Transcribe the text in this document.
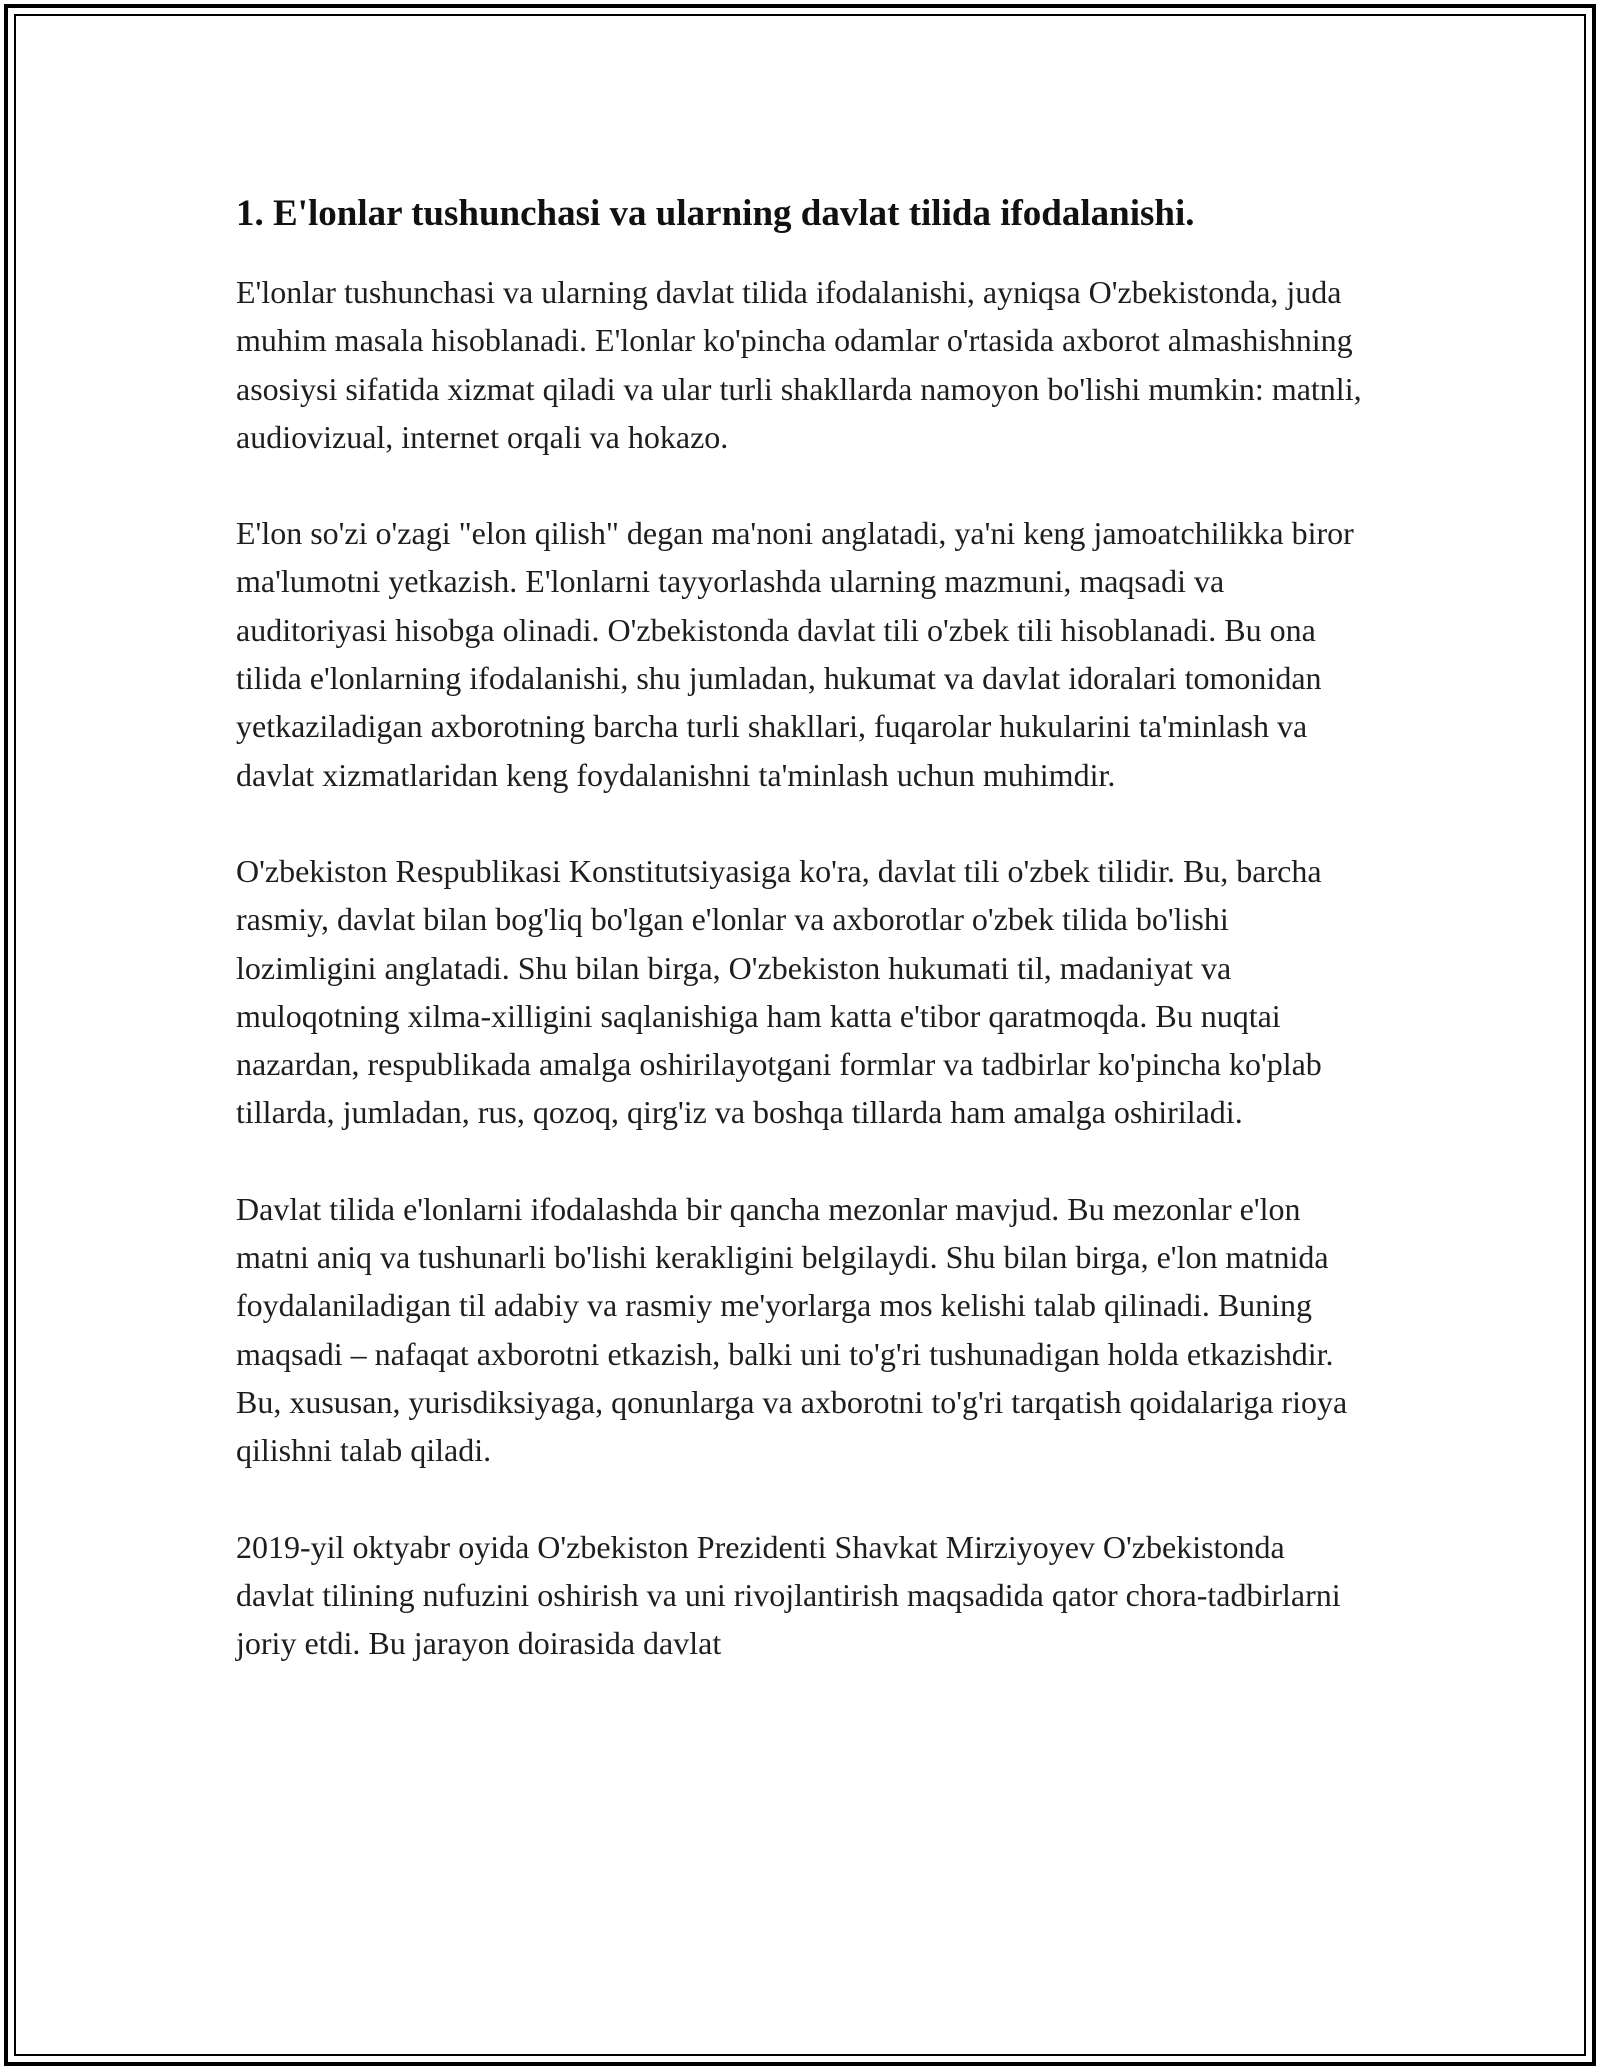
1. E'lonlar tushunchasi va ularning davlat tilida ifodalanishi.

E'lonlar tushunchasi va ularning davlat tilida ifodalanishi, ayniqsa O'zbekistonda, juda muhim masala hisoblanadi. E'lonlar ko'pincha odamlar o'rtasida axborot almashishning asosiysi sifatida xizmat qiladi va ular turli shakllarda namoyon bo'lishi mumkin: matnli, audiovizual, internet orqali va hokazo.

E'lon so'zi o'zagi "elon qilish" degan ma'noni anglatadi, ya'ni keng jamoatchilikka biror ma'lumotni yetkazish. E'lonlarni tayyorlashda ularning mazmuni, maqsadi va auditoriyasi hisobga olinadi. O'zbekistonda davlat tili o'zbek tili hisoblanadi. Bu ona tilida e'lonlarning ifodalanishi, shu jumladan, hukumat va davlat idoralari tomonidan yetkaziladigan axborotning barcha turli shakllari, fuqarolar hukularini ta'minlash va davlat xizmatlaridan keng foydalanishni ta'minlash uchun muhimdir.

O'zbekiston Respublikasi Konstitutsiyasiga ko'ra, davlat tili o'zbek tilidir. Bu, barcha rasmiy, davlat bilan bog'liq bo'lgan e'lonlar va axborotlar o'zbek tilida bo'lishi lozimligini anglatadi. Shu bilan birga, O'zbekiston hukumati til, madaniyat va muloqotning xilma-xilligini saqlanishiga ham katta e'tibor qaratmoqda. Bu nuqtai nazardan, respublikada amalga oshirilayotgani formlar va tadbirlar ko'pincha ko'plab tillarda, jumladan, rus, qozoq, qirg'iz va boshqa tillarda ham amalga oshiriladi.

Davlat tilida e'lonlarni ifodalashda bir qancha mezonlar mavjud. Bu mezonlar e'lon matni aniq va tushunarli bo'lishi kerakligini belgilaydi. Shu bilan birga, e'lon matnida foydalaniladigan til adabiy va rasmiy me'yorlarga mos kelishi talab qilinadi. Buning maqsadi – nafaqat axborotni etkazish, balki uni to'g'ri tushunadigan holda etkazishdir. Bu, xususan, yurisdiksiyaga, qonunlarga va axborotni to'g'ri tarqatish qoidalariga rioya qilishni talab qiladi.

2019-yil oktyabr oyida O'zbekiston Prezidenti Shavkat Mirziyoyev O'zbekistonda davlat tilining nufuzini oshirish va uni rivojlantirish maqsadida qator chora-tadbirlarni joriy etdi. Bu jarayon doirasida davlat
